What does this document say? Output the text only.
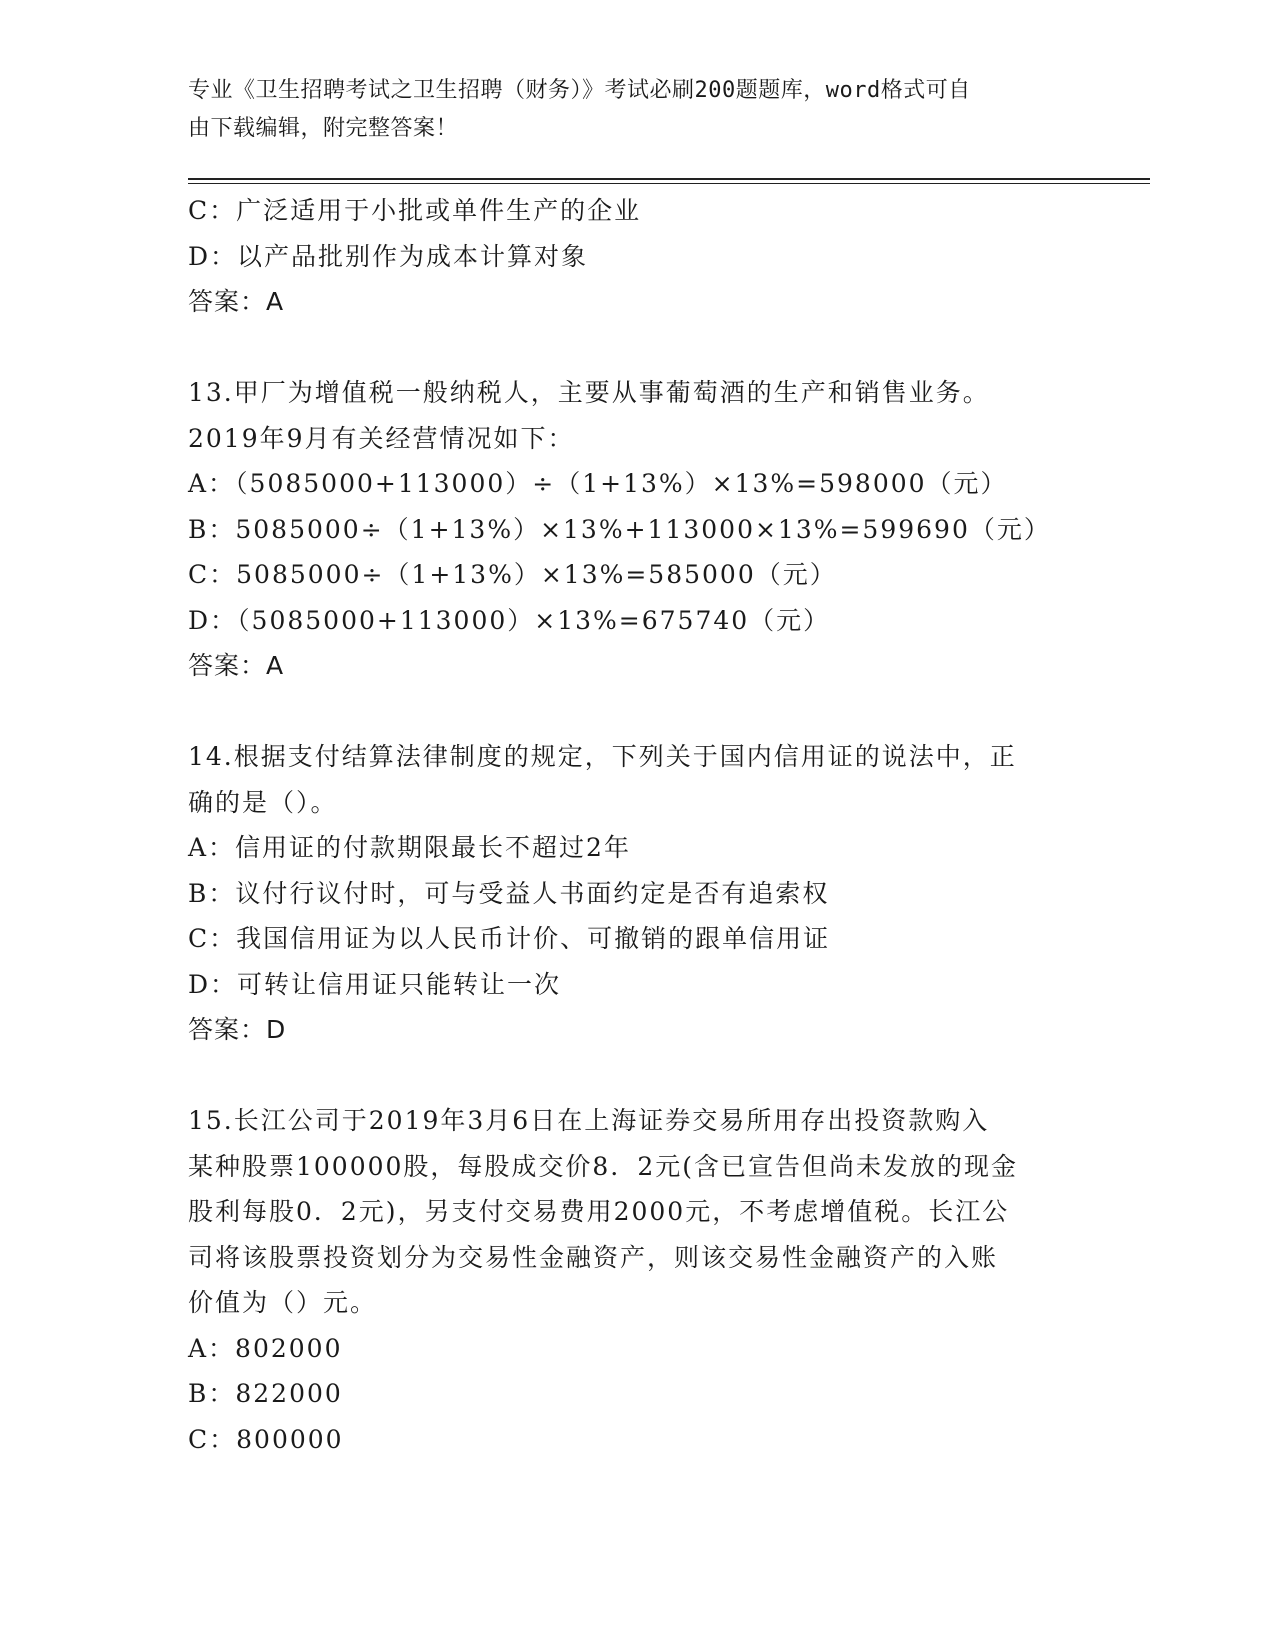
专业《卫生招聘考试之卫生招聘（财务）》考试必刷200题题库，word格式可自
由下载编辑，附完整答案！
C：广泛适用于小批或单件生产的企业
D：以产品批别作为成本计算对象
答案：A
13.甲厂为增值税一般纳税人，主要从事葡萄酒的生产和销售业务。
2019年9月有关经营情况如下：
A：（5085000+113000）÷（1+13%）×13%=598000（元）
B：5085000÷（1+13%）×13%+113000×13%=599690（元）
C：5085000÷（1+13%）×13%=585000（元）
D：（5085000+113000）×13%=675740（元）
答案：A
14.根据支付结算法律制度的规定，下列关于国内信用证的说法中，正
确的是（）。
A：信用证的付款期限最长不超过2年
B：议付行议付时，可与受益人书面约定是否有追索权
C：我国信用证为以人民币计价、可撤销的跟单信用证
D：可转让信用证只能转让一次
答案：D
15.长江公司于2019年3月6日在上海证券交易所用存出投资款购入
某种股票100000股，每股成交价8．2元(含已宣告但尚未发放的现金
股利每股0．2元)，另支付交易费用2000元，不考虑增值税。长江公
司将该股票投资划分为交易性金融资产，则该交易性金融资产的入账
价值为（）元。
A：802000
B：822000
C：800000
